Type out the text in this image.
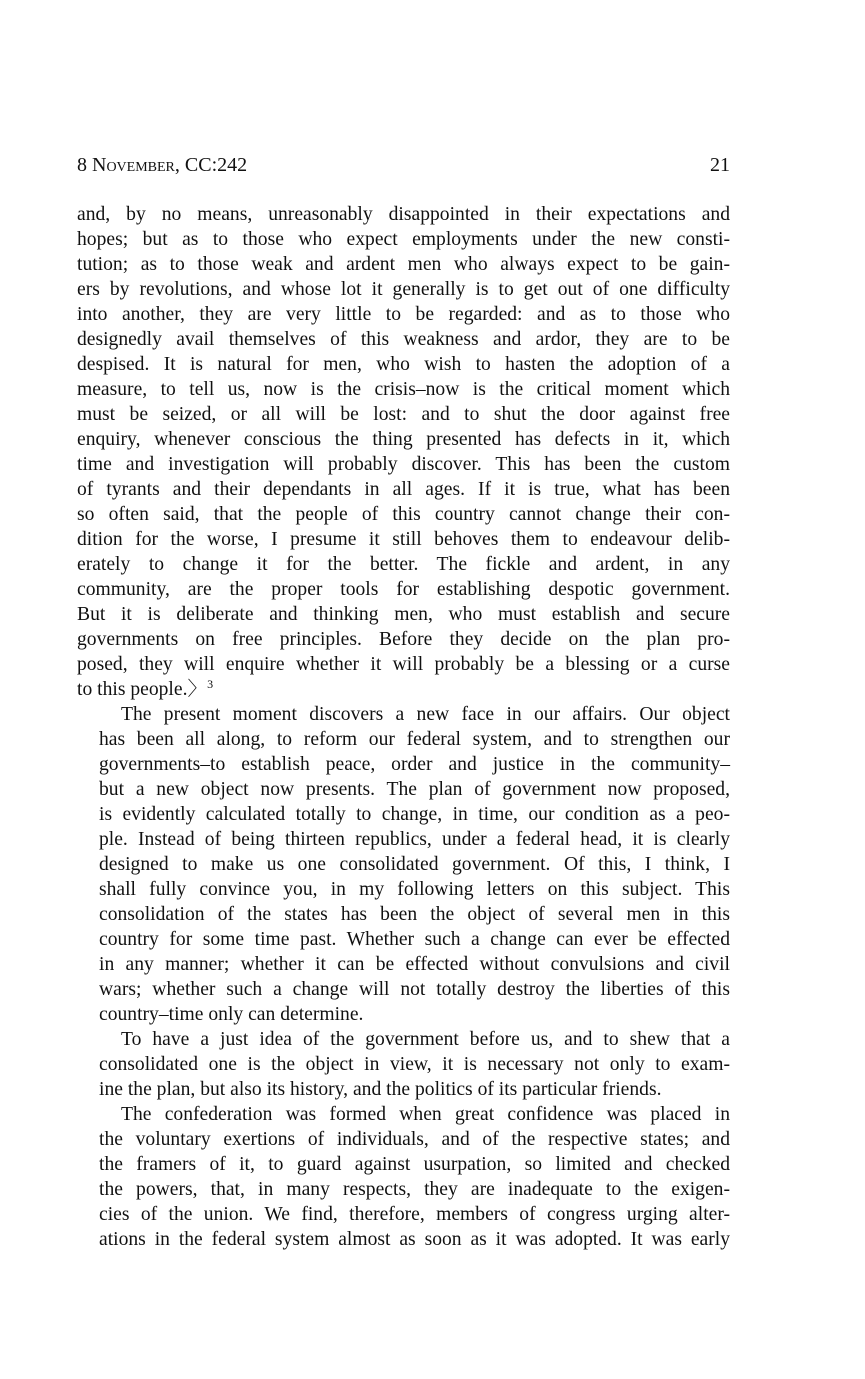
8 November, CC:242	21

and, by no means, unreasonably disappointed in their expectations and
hopes; but as to those who expect employments under the new consti-
tution; as to those weak and ardent men who always expect to be gain-
ers by revolutions, and whose lot it generally is to get out of one difficulty
into another, they are very little to be regarded: and as to those who
designedly avail themselves of this weakness and ardor, they are to be
despised. It is natural for men, who wish to hasten the adoption of a
measure, to tell us, now is the crisis–now is the critical moment which
must be seized, or all will be lost: and to shut the door against free
enquiry, whenever conscious the thing presented has defects in it, which
time and investigation will probably discover. This has been the custom
of tyrants and their dependants in all ages. If it is true, what has been
so often said, that the people of this country cannot change their con-
dition for the worse, I presume it still behoves them to endeavour delib-
erately to change it for the better. The fickle and ardent, in any
community, are the proper tools for establishing despotic government.
But it is deliberate and thinking men, who must establish and secure
governments on free principles. Before they decide on the plan pro-
posed, they will enquire whether it will probably be a blessing or a curse
to this people.〉$^3$

The present moment discovers a new face in our affairs. Our object
has been all along, to reform our federal system, and to strengthen our
governments–to establish peace, order and justice in the community–
but a new object now presents. The plan of government now proposed,
is evidently calculated totally to change, in time, our condition as a peo-
ple. Instead of being thirteen republics, under a federal head, it is clearly
designed to make us one consolidated government. Of this, I think, I
shall fully convince you, in my following letters on this subject. This
consolidation of the states has been the object of several men in this
country for some time past. Whether such a change can ever be effected
in any manner; whether it can be effected without convulsions and civil
wars; whether such a change will not totally destroy the liberties of this
country–time only can determine.

To have a just idea of the government before us, and to shew that a
consolidated one is the object in view, it is necessary not only to exam-
ine the plan, but also its history, and the politics of its particular friends.

The confederation was formed when great confidence was placed in
the voluntary exertions of individuals, and of the respective states; and
the framers of it, to guard against usurpation, so limited and checked
the powers, that, in many respects, they are inadequate to the exigen-
cies of the union. We find, therefore, members of congress urging alter-
ations in the federal system almost as soon as it was adopted. It was early
